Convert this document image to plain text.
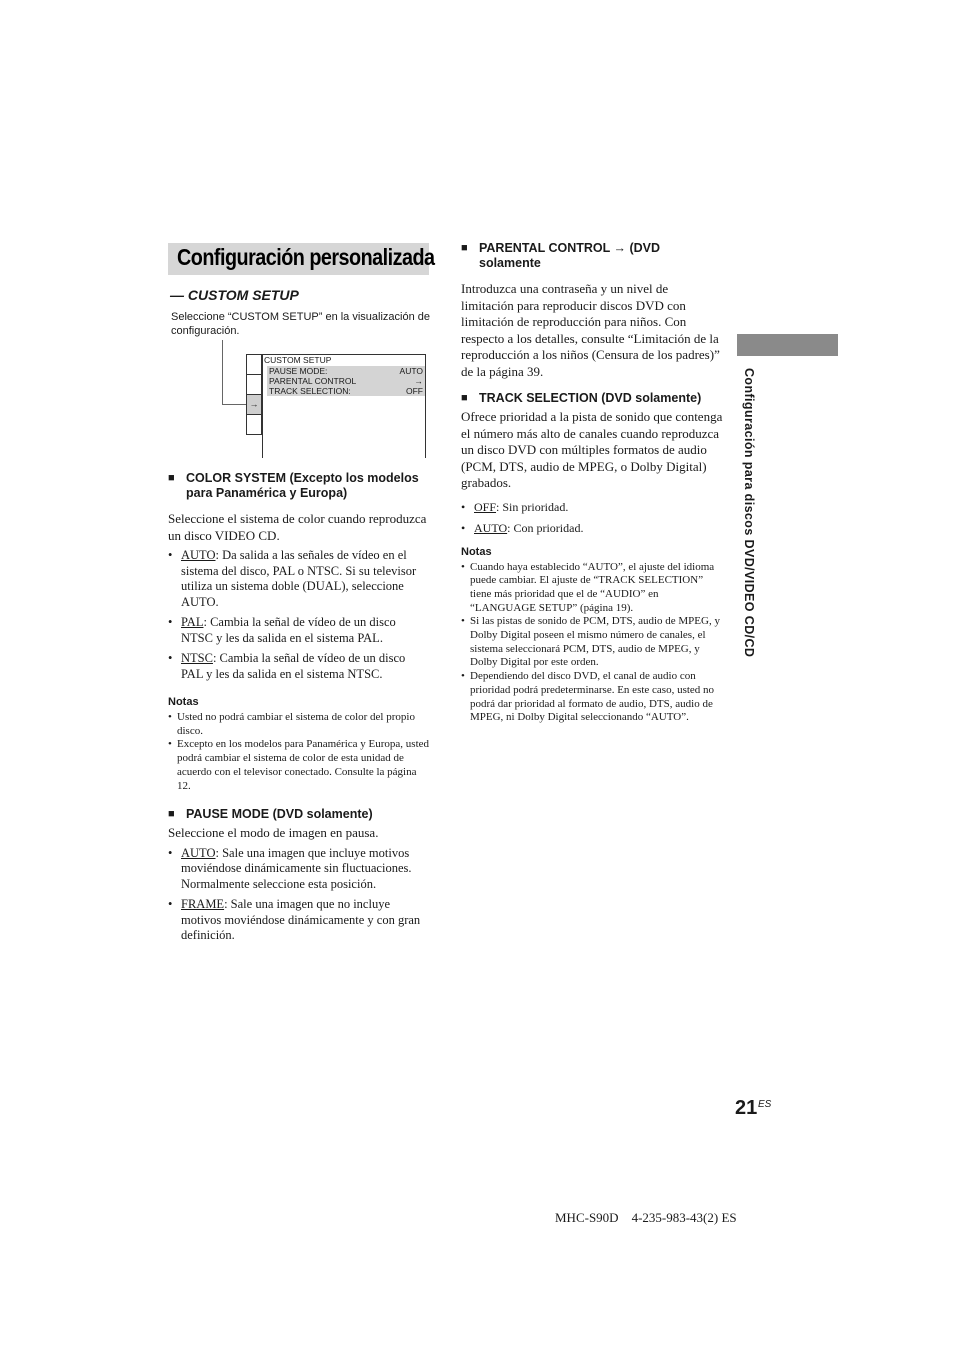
Configuración personalizada
— CUSTOM SETUP
Seleccione “CUSTOM SETUP” en la visualización de configuración.
→
CUSTOM SETUP
PAUSE MODE:	AUTO
PARENTAL CONTROL	→
TRACK SELECTION:	OFF
■ COLOR SYSTEM (Excepto los modelos para Panamérica y Europa)
Seleccione el sistema de color cuando reproduzca un disco VIDEO CD.
• AUTO: Da salida a las señales de vídeo en el sistema del disco, PAL o NTSC. Si su televisor utiliza un sistema doble (DUAL), seleccione AUTO.
• PAL: Cambia la señal de vídeo de un disco NTSC y les da salida en el sistema PAL.
• NTSC: Cambia la señal de vídeo de un disco PAL y les da salida en el sistema NTSC.
Notas
• Usted no podrá cambiar el sistema de color del propio disco.
• Excepto en los modelos para Panamérica y Europa, usted podrá cambiar el sistema de color de esta unidad de acuerdo con el televisor conectado. Consulte la página 12.
■ PAUSE MODE (DVD solamente)
Seleccione el modo de imagen en pausa.
• AUTO: Sale una imagen que incluye motivos moviéndose dinámicamente sin fluctuaciones. Normalmente seleccione esta posición.
• FRAME: Sale una imagen que no incluye motivos moviéndose dinámicamente y con gran definición.
■ PARENTAL CONTROL → (DVD solamente
Introduzca una contraseña y un nivel de limitación para reproducir discos DVD con limitación de reproducción para niños. Con respecto a los detalles, consulte “Limitación de la reproducción a los niños (Censura de los padres)” de la página 39.
■ TRACK SELECTION (DVD solamente)
Ofrece prioridad a la pista de sonido que contenga el número más alto de canales cuando reproduzca un disco DVD con múltiples formatos de audio (PCM, DTS, audio de MPEG, o Dolby Digital) grabados.
• OFF: Sin prioridad.
• AUTO: Con prioridad.
Notas
• Cuando haya establecido “AUTO”, el ajuste del idioma puede cambiar. El ajuste de “TRACK SELECTION” tiene más prioridad que el de “AUDIO” en “LANGUAGE SETUP” (página 19).
• Si las pistas de sonido de PCM, DTS, audio de MPEG, y Dolby Digital poseen el mismo número de canales, el sistema seleccionará PCM, DTS, audio de MPEG, y Dolby Digital por este orden.
• Dependiendo del disco DVD, el canal de audio con prioridad podrá predeterminarse. En este caso, usted no podrá dar prioridad al formato de audio, DTS, audio de MPEG, ni Dolby Digital seleccionando “AUTO”.
Configuración para discos DVD/VIDEO CD/CD
21 ES
MHC-S90D    4-235-983-43(2) ES
